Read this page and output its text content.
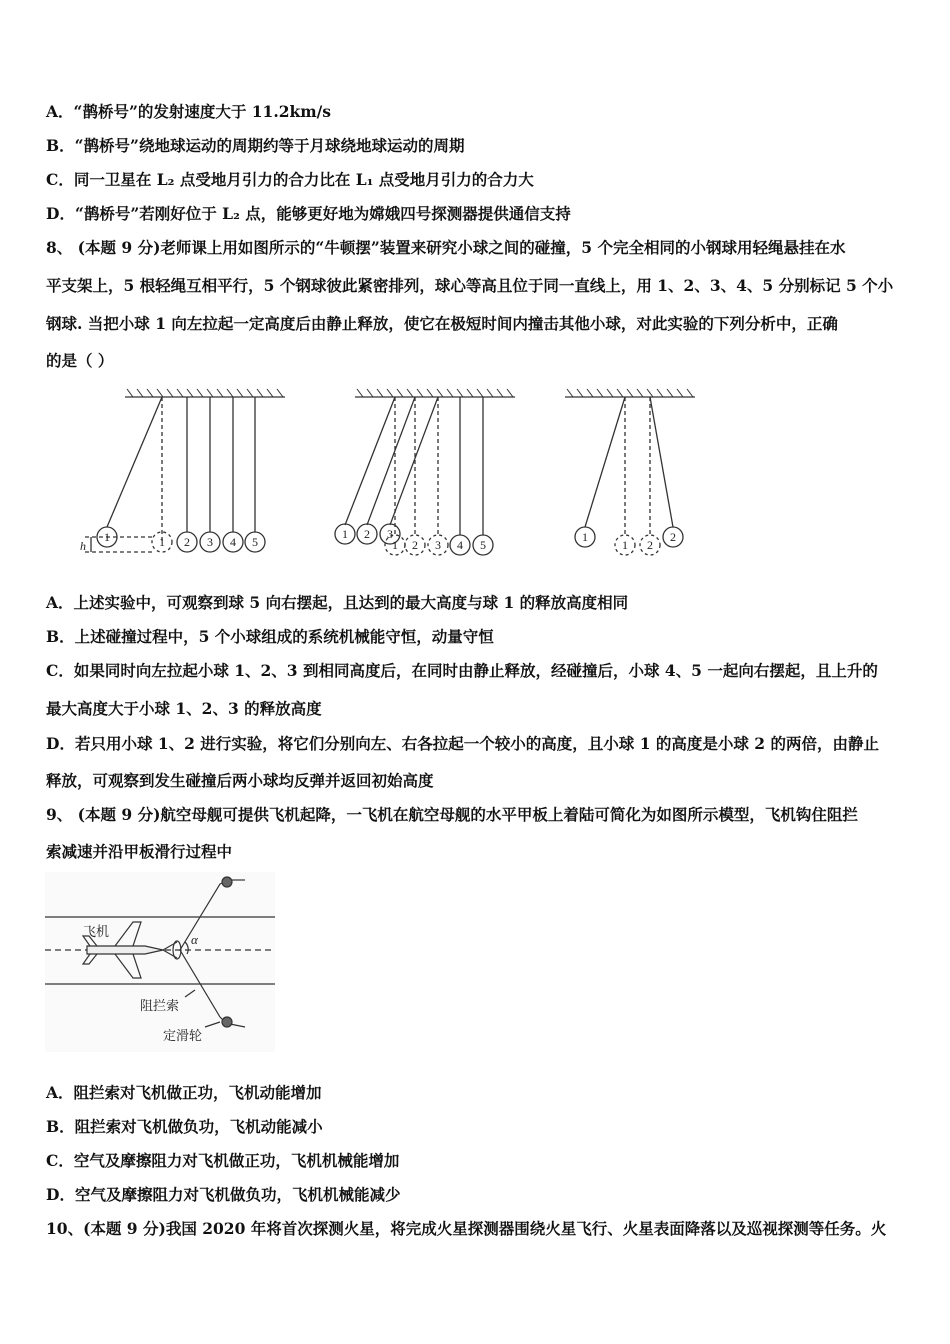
A．“鹊桥号”的发射速度大于 11.2km/s
B．“鹊桥号”绕地球运动的周期约等于月球绕地球运动的周期
C．同一卫星在 L₂ 点受地月引力的合力比在 L₁ 点受地月引力的合力大
D．“鹊桥号”若刚好位于 L₂ 点，能够更好地为嫦娥四号探测器提供通信支持
8、 (本题 9 分)老师课上用如图所示的“牛顿摆”装置来研究小球之间的碰撞，5 个完全相同的小钢球用轻绳悬挂在水
平支架上，5 根轻绳互相平行，5 个钢球彼此紧密排列，球心等高且位于同一直线上，用 1、2、3、4、5 分别标记 5 个小
钢球. 当把小球 1 向左拉起一定高度后由静止释放，使它在极短时间内撞击其他小球，对此实验的下列分析中，正确
的是（ ）
h
1	1 2 3 4 5
1 2 3
1 2 3 4 5
1
1 2
2
A．上述实验中，可观察到球 5 向右摆起，且达到的最大高度与球 1 的释放高度相同
B．上述碰撞过程中，5 个小球组成的系统机械能守恒，动量守恒
C．如果同时向左拉起小球 1、2、3 到相同高度后，在同时由静止释放，经碰撞后，小球 4、5 一起向右摆起，且上升的
最大高度大于小球 1、2、3 的释放高度
D．若只用小球 1、2 进行实验，将它们分别向左、右各拉起一个较小的高度，且小球 1 的高度是小球 2 的两倍，由静止
释放，可观察到发生碰撞后两小球均反弹并返回初始高度
9、 (本题 9 分)航空母舰可提供飞机起降，一飞机在航空母舰的水平甲板上着陆可简化为如图所示模型，飞机钩住阻拦
索减速并沿甲板滑行过程中
飞机
α
阻拦索
定滑轮
A．阻拦索对飞机做正功，飞机动能增加
B．阻拦索对飞机做负功，飞机动能减小
C．空气及摩擦阻力对飞机做正功，飞机机械能增加
D．空气及摩擦阻力对飞机做负功，飞机机械能减少
10、(本题 9 分)我国 2020 年将首次探测火星，将完成火星探测器围绕火星飞行、火星表面降落以及巡视探测等任务。火
